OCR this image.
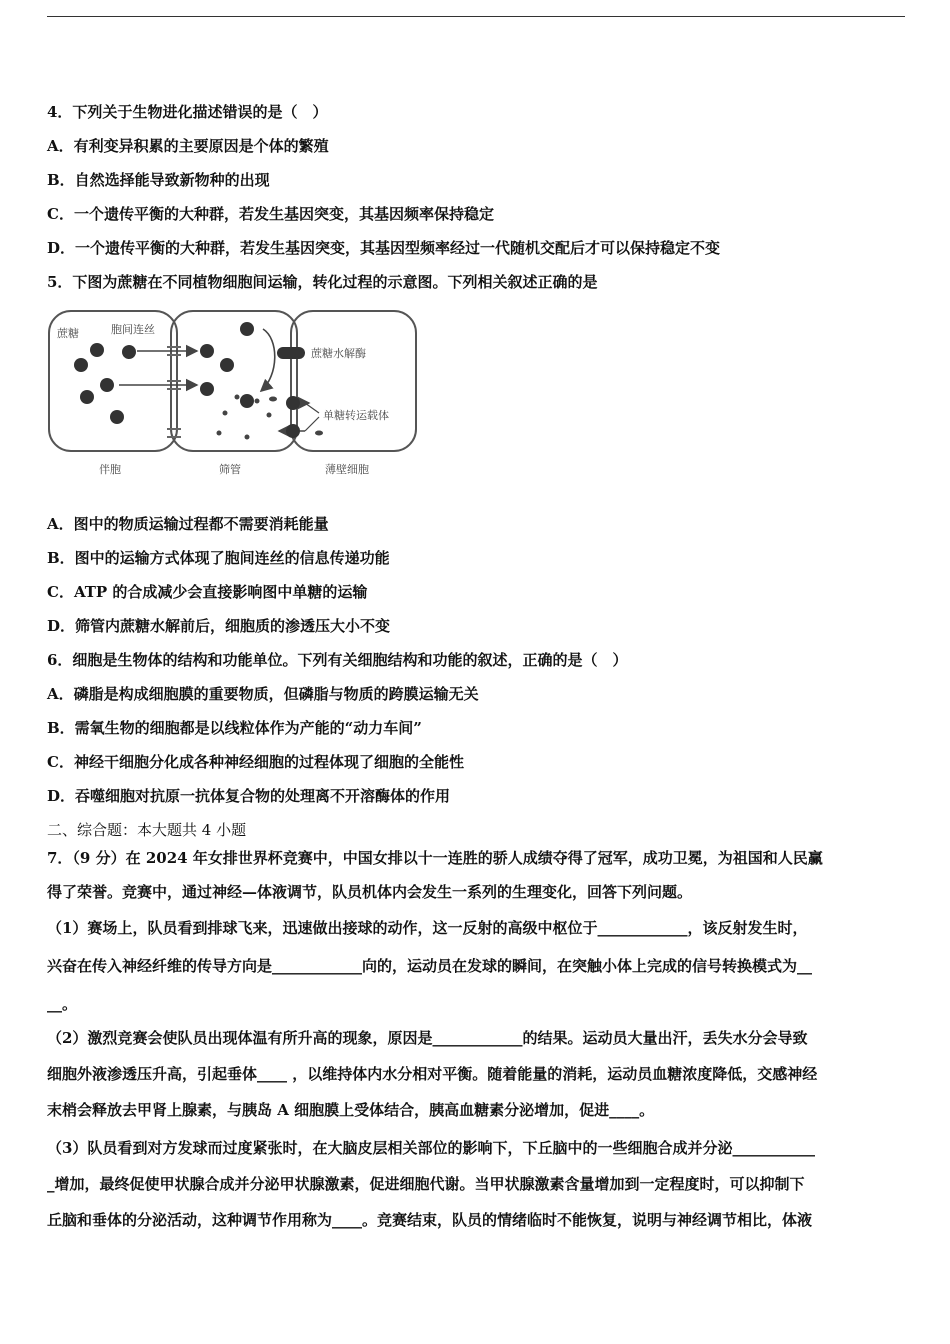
4．下列关于生物进化描述错误的是（　）
A．有利变异积累的主要原因是个体的繁殖
B．自然选择能导致新物种的出现
C．一个遗传平衡的大种群，若发生基因突变，其基因频率保持稳定
D．一个遗传平衡的大种群，若发生基因突变，其基因型频率经过一代随机交配后才可以保持稳定不变
5．下图为蔗糖在不同植物细胞间运输，转化过程的示意图。下列相关叙述正确的是
蔗糖	胞间连丝
蔗糖水解酶
单糖转运载体
伴胞	筛管	薄壁细胞
A．图中的物质运输过程都不需要消耗能量
B．图中的运输方式体现了胞间连丝的信息传递功能
C．ATP 的合成减少会直接影响图中单糖的运输
D．筛管内蔗糖水解前后，细胞质的渗透压大小不变
6．细胞是生物体的结构和功能单位。下列有关细胞结构和功能的叙述，正确的是（　）
A．磷脂是构成细胞膜的重要物质，但磷脂与物质的跨膜运输无关
B．需氧生物的细胞都是以线粒体作为产能的“动力车间”
C．神经干细胞分化成各种神经细胞的过程体现了细胞的全能性
D．吞噬细胞对抗原一抗体复合物的处理离不开溶酶体的作用
二、综合题：本大题共 4 小题
7．（9 分）在 2024 年女排世界杯竞赛中，中国女排以十一连胜的骄人成绩夺得了冠军，成功卫冕，为祖国和人民赢
得了荣誉。竞赛中，通过神经—体液调节，队员机体内会发生一系列的生理变化，回答下列问题。
（1）赛场上，队员看到排球飞来，迅速做出接球的动作，这一反射的高级中枢位于____________，该反射发生时，
兴奋在传入神经纤维的传导方向是____________向的，运动员在发球的瞬间，在突触小体上完成的信号转换模式为__
__。
（2）激烈竞赛会使队员出现体温有所升高的现象，原因是____________的结果。运动员大量出汗，丢失水分会导致
细胞外液渗透压升高，引起垂体____ ，以维持体内水分相对平衡。随着能量的消耗，运动员血糖浓度降低，交感神经
末梢会释放去甲肾上腺素，与胰岛 A 细胞膜上受体结合，胰高血糖素分泌增加，促进____。
（3）队员看到对方发球而过度紧张时，在大脑皮层相关部位的影响下，下丘脑中的一些细胞合成并分泌___________
_增加，最终促使甲状腺合成并分泌甲状腺激素，促进细胞代谢。当甲状腺激素含量增加到一定程度时，可以抑制下
丘脑和垂体的分泌活动，这种调节作用称为____。竞赛结束，队员的情绪临时不能恢复，说明与神经调节相比，体液
